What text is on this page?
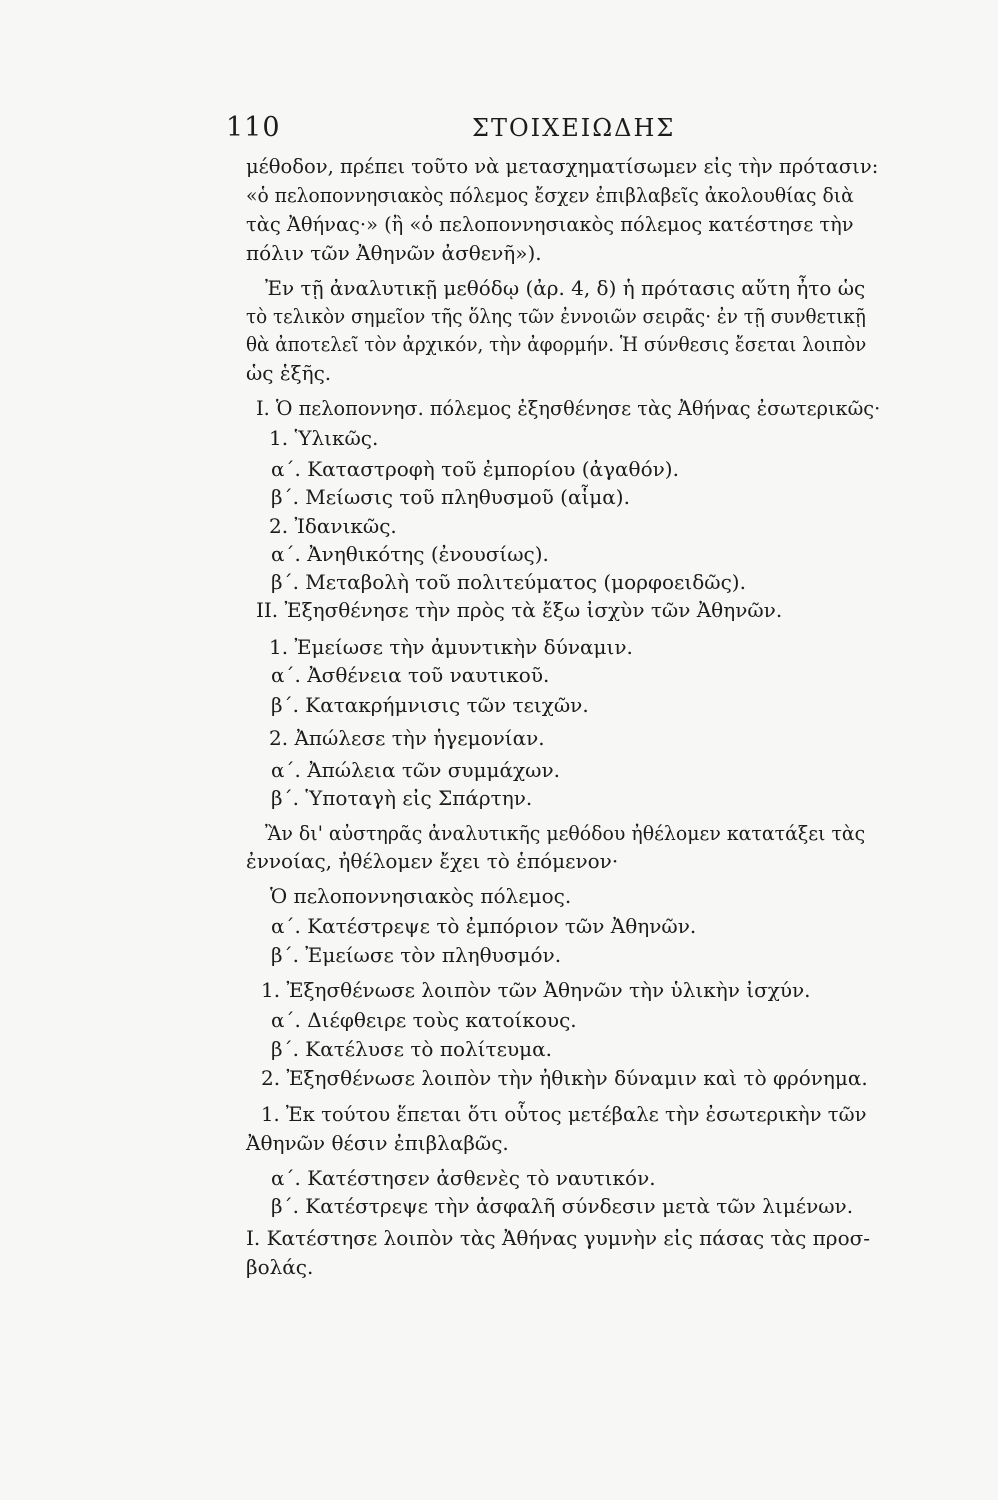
110	ΣΤΟΙΧΕΙΩΔΗΣ
μέθοδον, πρέπει τοῦτο νὰ μετασχηματίσωμεν εἰς τὴν πρότασιν:
«ὁ πελοποννησιακὸς πόλεμος ἔσχεν ἐπιβλαβεῖς ἀκολουθίας διὰ
τὰς Ἀθήνας·» (ἢ «ὁ πελοποννησιακὸς πόλεμος κατέστησε τὴν
πόλιν τῶν Ἀθηνῶν ἀσθενῆ»).
Ἐν τῇ ἀναλυτικῇ μεθόδῳ (ἀρ. 4, δ) ἡ πρότασις αὕτη ἦτο ὡς
τὸ τελικὸν σημεῖον τῆς ὅλης τῶν ἐννοιῶν σειρᾶς· ἐν τῇ συνθετικῇ
θὰ ἀποτελεῖ τὸν ἀρχικόν, τὴν ἀφορμήν. Ἡ σύνθεσις ἔσεται λοιπὸν
ὡς ἑξῆς.
I. Ὁ πελοποννησ. πόλεμος ἐξησθένησε τὰς Ἀθήνας ἐσωτερικῶς·
1. Ὑλικῶς.
α΄. Καταστροφὴ τοῦ ἐμπορίου (ἀγαθόν).
β΄. Μείωσις τοῦ πληθυσμοῦ (αἷμα).
2. Ἰδανικῶς.
α΄. Ἀνηθικότης (ἐνουσίως).
β΄. Μεταβολὴ τοῦ πολιτεύματος (μορφοειδῶς).
II. Ἐξησθένησε τὴν πρὸς τὰ ἔξω ἰσχὺν τῶν Ἀθηνῶν.
1. Ἐμείωσε τὴν ἀμυντικὴν δύναμιν.
α΄. Ἀσθένεια τοῦ ναυτικοῦ.
β΄. Κατακρήμνισις τῶν τειχῶν.
2. Ἀπώλεσε τὴν ἡγεμονίαν.
α΄. Ἀπώλεια τῶν συμμάχων.
β΄. Ὑποταγὴ εἰς Σπάρτην.
Ἂν δι' αὐστηρᾶς ἀναλυτικῆς μεθόδου ἠθέλομεν κατατάξει τὰς
ἐννοίας, ἠθέλομεν ἔχει τὸ ἑπόμενον·
Ὁ πελοποννησιακὸς πόλεμος.
α΄. Κατέστρεψε τὸ ἐμπόριον τῶν Ἀθηνῶν.
β΄. Ἐμείωσε τὸν πληθυσμόν.
1. Ἐξησθένωσε λοιπὸν τῶν Ἀθηνῶν τὴν ὑλικὴν ἰσχύν.
α΄. Διέφθειρε τοὺς κατοίκους.
β΄. Κατέλυσε τὸ πολίτευμα.
2. Ἐξησθένωσε λοιπὸν τὴν ἠθικὴν δύναμιν καὶ τὸ φρόνημα.
1. Ἐκ τούτου ἕπεται ὅτι οὗτος μετέβαλε τὴν ἐσωτερικὴν τῶν
Ἀθηνῶν θέσιν ἐπιβλαβῶς.
α΄. Κατέστησεν ἀσθενὲς τὸ ναυτικόν.
β΄. Κατέστρεψε τὴν ἀσφαλῆ σύνδεσιν μετὰ τῶν λιμένων.
I. Κατέστησε λοιπὸν τὰς Ἀθήνας γυμνὴν εἰς πάσας τὰς προσ-
βολάς.
